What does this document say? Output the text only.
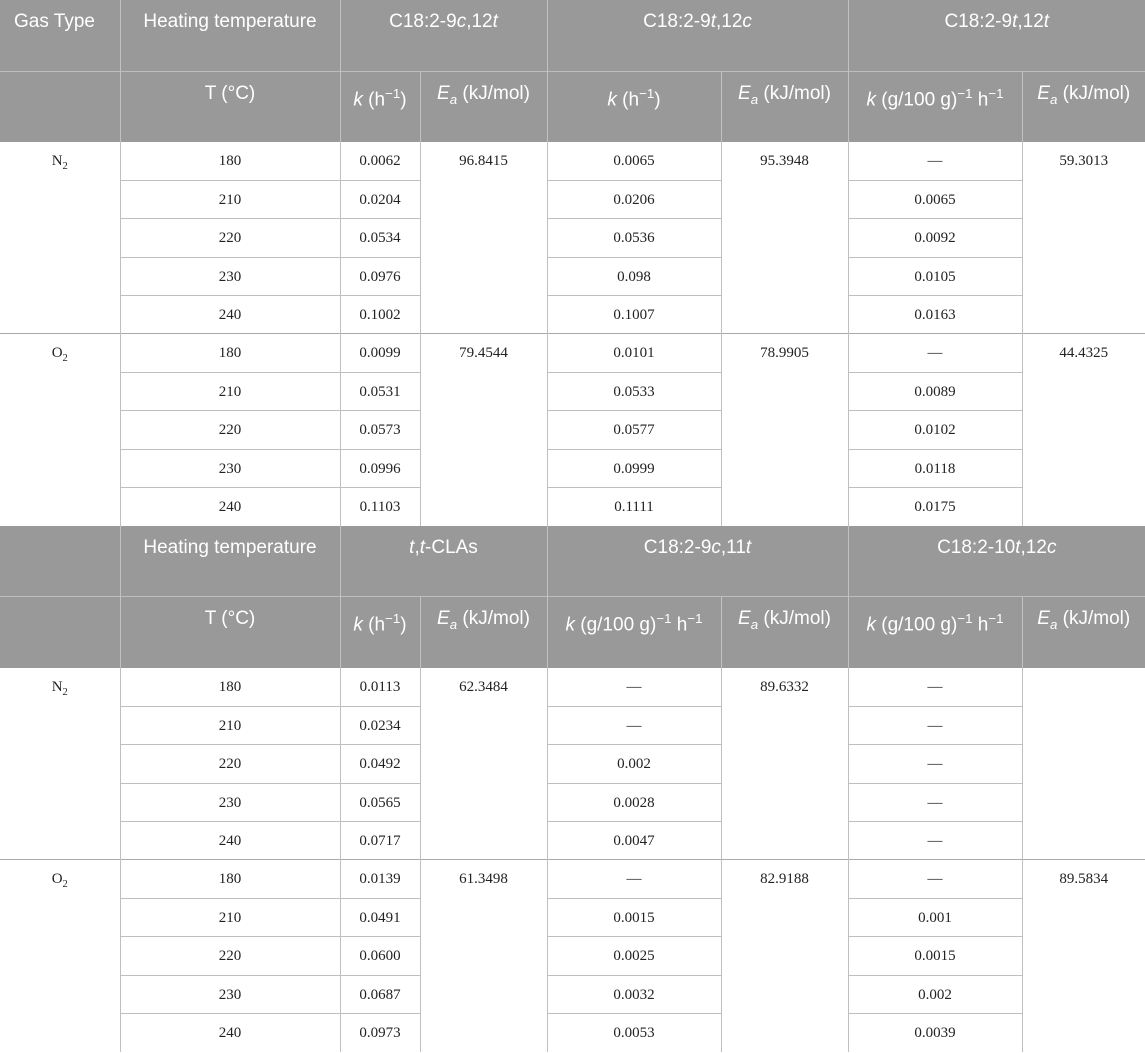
Gas Type	Heating temperature	C18:2-9c,12t		C18:2-9t,12c		C18:2-9t,12t	
	T (°C)	k $(h^{-1})$	$E_a$ (kJ/mol)	k $(h^{-1})$	$E_a$ (kJ/mol)	k (g/100 g)$^{-1}$ $h^{-1}$	$E_a$ (kJ/mol)
$N_2$	180	0.0062	96.8415	0.0065	95.3948	—	59.3013
	210	0.0204		0.0206		0.0065	
	220	0.0534		0.0536		0.0092	
	230	0.0976		0.098		0.0105	
	240	0.1002		0.1007		0.0163	
$O_2$	180	0.0099	79.4544	0.0101	78.9905	—	44.4325
	210	0.0531		0.0533		0.0089	
	220	0.0573		0.0577		0.0102	
	230	0.0996		0.0999		0.0118	
	240	0.1103		0.1111		0.0175	
	Heating temperature	t,t-CLAs		C18:2-9c,11t		C18:2-10t,12c	
	T (°C)	k $(h^{-1})$	$E_a$ (kJ/mol)	k (g/100 g)$^{-1}$ $h^{-1}$	$E_a$ (kJ/mol)	k (g/100 g)$^{-1}$ $h^{-1}$	$E_a$ (kJ/mol)
$N_2$	180	0.0113	62.3484	—	89.6332	—	
	210	0.0234		—		—	
	220	0.0492		0.002		—	
	230	0.0565		0.0028		—	
	240	0.0717		0.0047		—	
$O_2$	180	0.0139	61.3498	—	82.9188	—	89.5834
	210	0.0491		0.0015		0.001	
	220	0.0600		0.0025		0.0015	
	230	0.0687		0.0032		0.002	
	240	0.0973		0.0053		0.0039	
